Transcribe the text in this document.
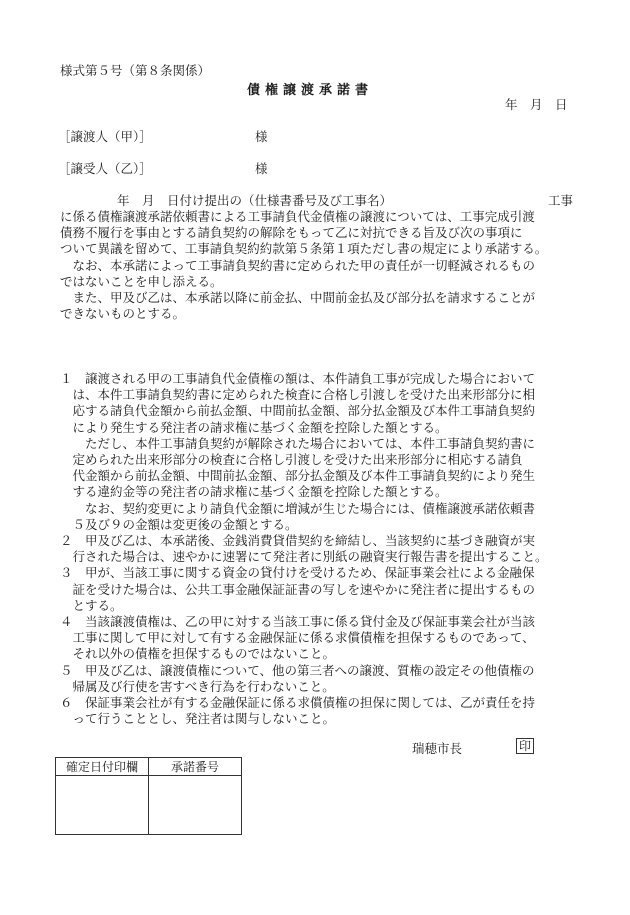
様式第５号（第８条関係）
債権譲渡承諾書
年　月　日
［譲渡人（甲）］	様
［譲受人（乙）］	様
年　月　日付け提出の（仕様書番号及び工事名）	工事

に係る債権譲渡承諾依頼書による工事請負代金債権の譲渡については、工事完成引渡

債務不履行を事由とする請負契約の解除をもって乙に対抗できる旨及び次の事項に

ついて異議を留めて、工事請負契約約款第５条第１項ただし書の規定により承諾する。

　なお、本承諾によって工事請負契約書に定められた甲の責任が一切軽減されるもの

ではないことを申し添える。

　また、甲及び乙は、本承諾以降に前金払、中間前金払及び部分払を請求することが

できないものとする。

１　譲渡される甲の工事請負代金債権の額は、本件請負工事が完成した場合において

　は、本件工事請負契約書に定められた検査に合格し引渡しを受けた出来形部分に相

　応する請負代金額から前払金額、中間前払金額、部分払金額及び本件工事請負契約

　により発生する発注者の請求権に基づく金額を控除した額とする。

　　ただし、本件工事請負契約が解除された場合においては、本件工事請負契約書に

　定められた出来形部分の検査に合格し引渡しを受けた出来形部分に相応する請負

　代金額から前払金額、中間前払金額、部分払金額及び本件工事請負契約により発生

　する違約金等の発注者の請求権に基づく金額を控除した額とする。

　　なお、契約変更により請負代金額に増減が生じた場合には、債権譲渡承諾依頼書

　５及び９の金額は変更後の金額とする。

２　甲及び乙は、本承諾後、金銭消費貸借契約を締結し、当該契約に基づき融資が実

　行された場合は、速やかに速署にて発注者に別紙の融資実行報告書を提出すること。

３　甲が、当該工事に関する資金の貸付けを受けるため、保証事業会社による金融保

　証を受けた場合は、公共工事金融保証証書の写しを速やかに発注者に提出するもの

　とする。

４　当該譲渡債権は、乙の甲に対する当該工事に係る貸付金及び保証事業会社が当該

　工事に関して甲に対して有する金融保証に係る求償債権を担保するものであって、

　それ以外の債権を担保するものではないこと。

５　甲及び乙は、譲渡債権について、他の第三者への譲渡、質権の設定その他債権の

　帰属及び行使を害すべき行為を行わないこと。

６　保証事業会社が有する金融保証に係る求償債権の担保に関しては、乙が責任を持

　って行うこととし、発注者は関与しないこと。

瑞穂市長	印
確定日付印欄	承諾番号
